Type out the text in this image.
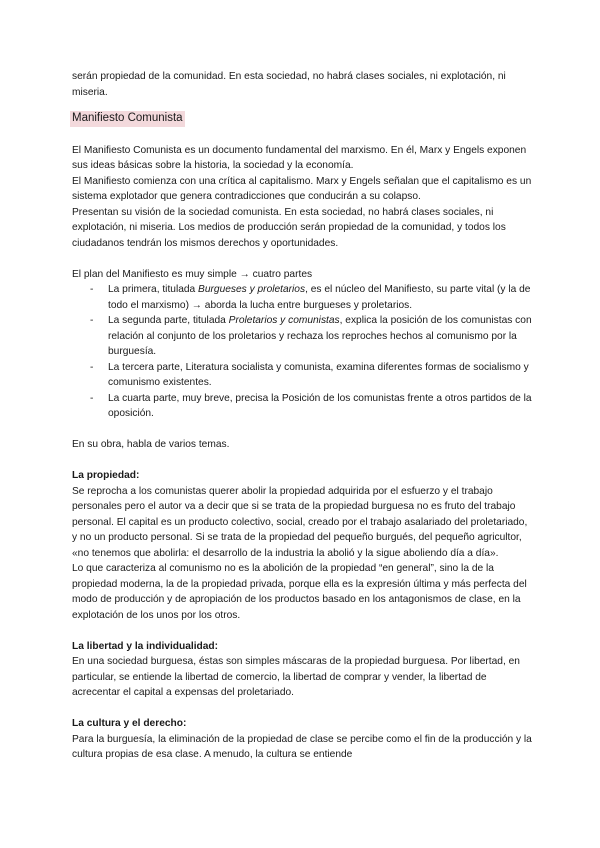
serán propiedad de la comunidad. En esta sociedad, no habrá clases sociales, ni explotación, ni miseria.

Manifiesto Comunista

El Manifiesto Comunista es un documento fundamental del marxismo. En él, Marx y Engels exponen sus ideas básicas sobre la historia, la sociedad y la economía.

El Manifiesto comienza con una crítica al capitalismo. Marx y Engels señalan que el capitalismo es un sistema explotador que genera contradicciones que conducirán a su colapso.

Presentan su visión de la sociedad comunista. En esta sociedad, no habrá clases sociales, ni explotación, ni miseria. Los medios de producción serán propiedad de la comunidad, y todos los ciudadanos tendrán los mismos derechos y oportunidades.

El plan del Manifiesto es muy simple → cuatro partes

- La primera, titulada Burgueses y proletarios, es el núcleo del Manifiesto, su parte vital (y la de todo el marxismo) → aborda la lucha entre burgueses y proletarios.
- La segunda parte, titulada Proletarios y comunistas, explica la posición de los comunistas con relación al conjunto de los proletarios y rechaza los reproches hechos al comunismo por la burguesía.
- La tercera parte, Literatura socialista y comunista, examina diferentes formas de socialismo y comunismo existentes.
- La cuarta parte, muy breve, precisa la Posición de los comunistas frente a otros partidos de la oposición.

En su obra, habla de varios temas.

La propiedad:

Se reprocha a los comunistas querer abolir la propiedad adquirida por el esfuerzo y el trabajo personales pero el autor va a decir que si se trata de la propiedad burguesa no es fruto del trabajo personal. El capital es un producto colectivo, social, creado por el trabajo asalariado del proletariado, y no un producto personal. Si se trata de la propiedad del pequeño burgués, del pequeño agricultor, «no tenemos que abolirla: el desarrollo de la industria la abolió y la sigue aboliendo día a día».

Lo que caracteriza al comunismo no es la abolición de la propiedad “en general”, sino la de la propiedad moderna, la de la propiedad privada, porque ella es la expresión última y más perfecta del modo de producción y de apropiación de los productos basado en los antagonismos de clase, en la explotación de los unos por los otros.

La libertad y la individualidad:

En una sociedad burguesa, éstas son simples máscaras de la propiedad burguesa. Por libertad, en particular, se entiende la libertad de comercio, la libertad de comprar y vender, la libertad de acrecentar el capital a expensas del proletariado.

La cultura y el derecho:

Para la burguesía, la eliminación de la propiedad de clase se percibe como el fin de la producción y la cultura propias de esa clase. A menudo, la cultura se entiende
